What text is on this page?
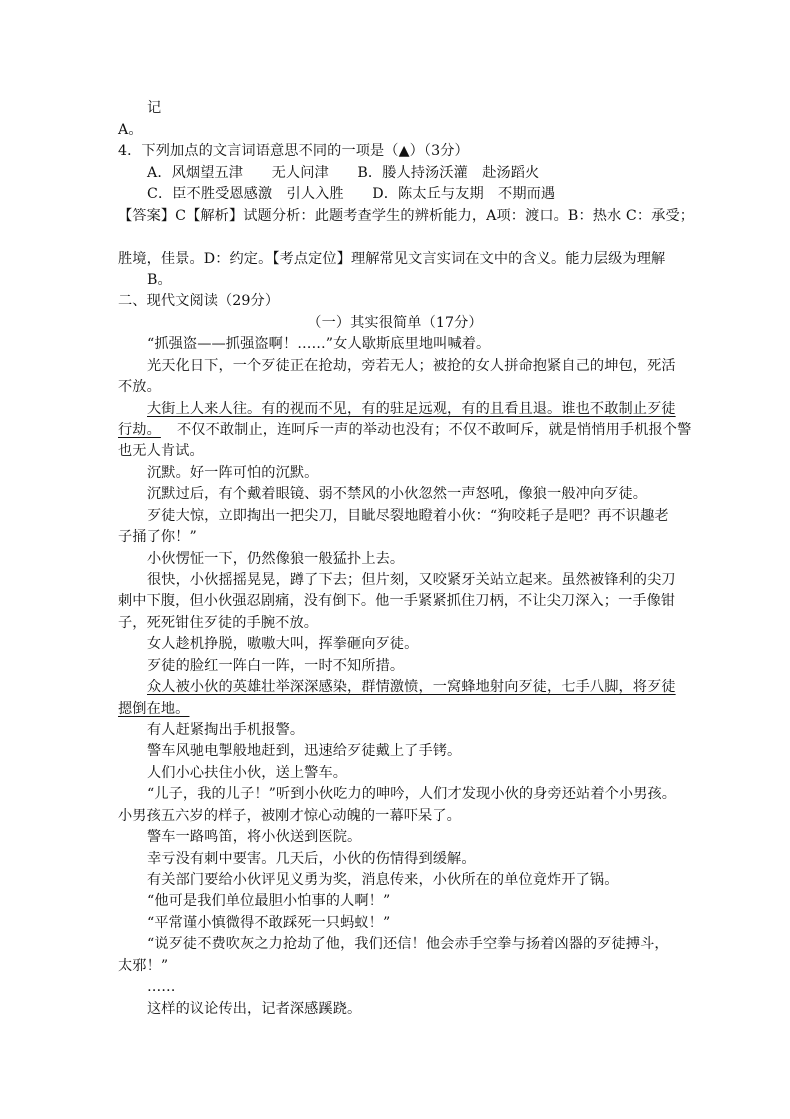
记
A。
4．下列加点的文言词语意思不同的一项是（▲）（3分）
A．风烟望五津　　无人问津　　B．媵人持汤沃灌　赴汤蹈火
C．臣不胜受恩感激　引人入胜　　D．陈太丘与友期　不期而遇
【答案】C【解析】试题分析：此题考查学生的辨析能力，A项：渡口。B：热水 C：承受；
胜境，佳景。D：约定。【考点定位】理解常见文言实词在文中的含义。能力层级为理解
B。
二、现代文阅读（29分）
（一）其实很简单（17分）
“抓强盗——抓强盗啊！……”女人歇斯底里地叫喊着。
光天化日下，一个歹徒正在抢劫，旁若无人；被抢的女人拼命抱紧自己的坤包，死活
不放。
大街上人来人往。有的视而不见，有的驻足远观，有的且看且退。谁也不敢制止歹徒
行劫。 不仅不敢制止，连呵斥一声的举动也没有；不仅不敢呵斥，就是悄悄用手机报个警
也无人肯试。
沉默。好一阵可怕的沉默。
沉默过后，有个戴着眼镜、弱不禁风的小伙忽然一声怒吼，像狼一般冲向歹徒。
歹徒大惊，立即掏出一把尖刀，目眦尽裂地瞪着小伙：“狗咬耗子是吧？再不识趣老
子捅了你！”
小伙愣怔一下，仍然像狼一般猛扑上去。
很快，小伙摇摇晃晃，蹲了下去；但片刻，又咬紧牙关站立起来。虽然被锋利的尖刀
刺中下腹，但小伙强忍剧痛，没有倒下。他一手紧紧抓住刀柄，不让尖刀深入；一手像钳
子，死死钳住歹徒的手腕不放。
女人趁机挣脱，嗷嗷大叫，挥拳砸向歹徒。
歹徒的脸红一阵白一阵，一时不知所措。
众人被小伙的英雄壮举深深感染，群情激愤，一窝蜂地射向歹徒，七手八脚，将歹徒
摁倒在地。
有人赶紧掏出手机报警。
警车风驰电掣般地赶到，迅速给歹徒戴上了手铐。
人们小心扶住小伙，送上警车。
“儿子，我的儿子！”听到小伙吃力的呻吟，人们才发现小伙的身旁还站着个小男孩。
小男孩五六岁的样子，被刚才惊心动魄的一幕吓呆了。
警车一路鸣笛，将小伙送到医院。
幸亏没有刺中要害。几天后，小伙的伤情得到缓解。
有关部门要给小伙评见义勇为奖，消息传来，小伙所在的单位竟炸开了锅。
“他可是我们单位最胆小怕事的人啊！”
“平常谨小慎微得不敢踩死一只蚂蚁！”
“说歹徒不费吹灰之力抢劫了他，我们还信！他会赤手空拳与扬着凶器的歹徒搏斗，
太邪！”
……
这样的议论传出，记者深感蹊跷。
